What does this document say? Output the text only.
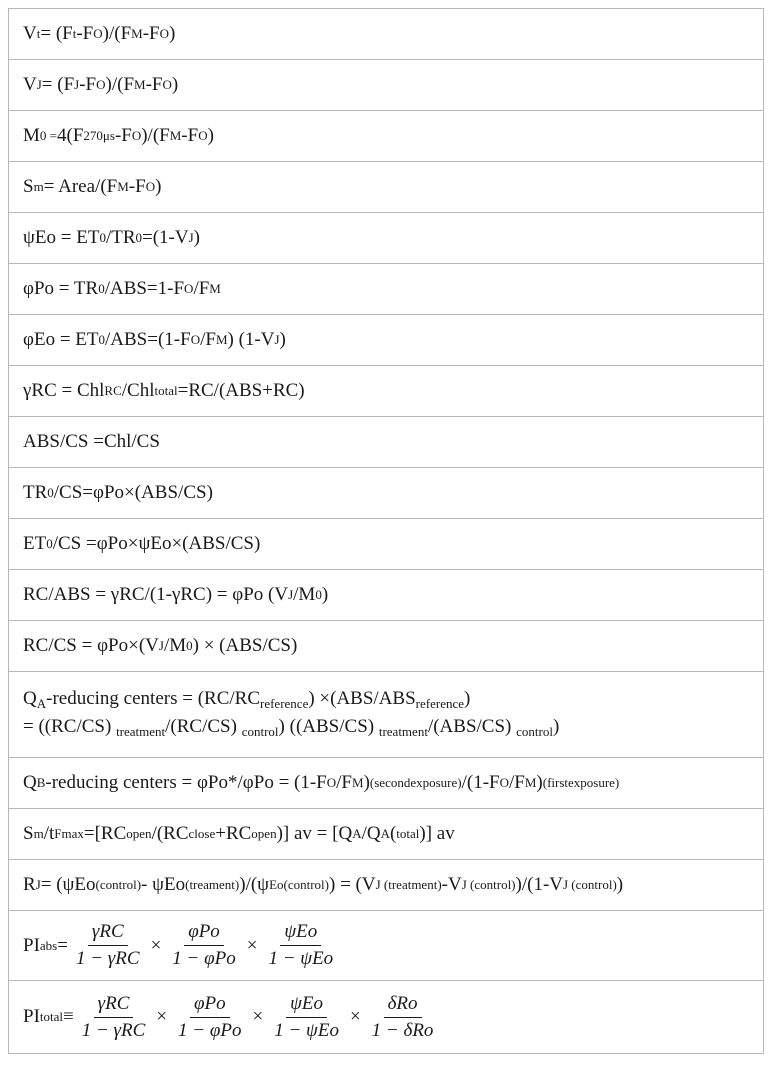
V t = (F t -F O )/(F M -F O )
V J = (F J -F O )/(F M -F O )
M 0 = 4(F 270μs -F O )/(F M -F O )
S m = Area/(F M -F O )
ψEo = ET 0 /TR 0 =(1-V J )
φPo = TR 0 /ABS=1-F O /F M
φEo = ET 0 /ABS=(1-F O /F M ) (1-V J )
γRC = Chl RC /Chl total =RC/(ABS+RC)
ABS/CS =Chl/CS
TR 0 /CS=φPo×(ABS/CS)
ET 0 /CS =φPo×ψEo×(ABS/CS)
RC/ABS = γRC/(1-γRC) = φPo (V J /M 0 )
RC/CS = φPo×(V J /M 0 ) × (ABS/CS)
$Q_A$-reducing centers = $(RC/RC_{reference}) \times(ABS/ABS_{reference})$
= ((RC/CS) $_{treatment}$/(RC/CS) $_{control}$) ((ABS/CS) $_{treatment}$/(ABS/CS) $_{control}$)
Q B -reducing centers = φPo*/φPo = (1-F O /F M ) (secondexposure) /(1-F O /F M ) (firstexposure)
S m /t Fmax =[RC open /(RC close +RC open )] av = [Q A /Q A ( total )] av
R J = (ψEo (control) - ψEo (treament) )/(ψ Eo(control) ) = (V J (treatment) -V J (control) )/(1-V J (control) )
PI abs = $\frac{\text{γRC}}{\text{1 − γRC}} \times \frac{\text{φPo}}{\text{1 − φPo}} \times \frac{\text{ψEo}}{\text{1 − ψEo}}$
PI total ≡ $\frac{\text{γRC}}{\text{1 − γRC}} \times \frac{\text{φPo}}{\text{1 − φPo}} \times \frac{\text{ψEo}}{\text{1 − ψEo}} \times \frac{\text{δRo}}{\text{1 − δRo}}$
